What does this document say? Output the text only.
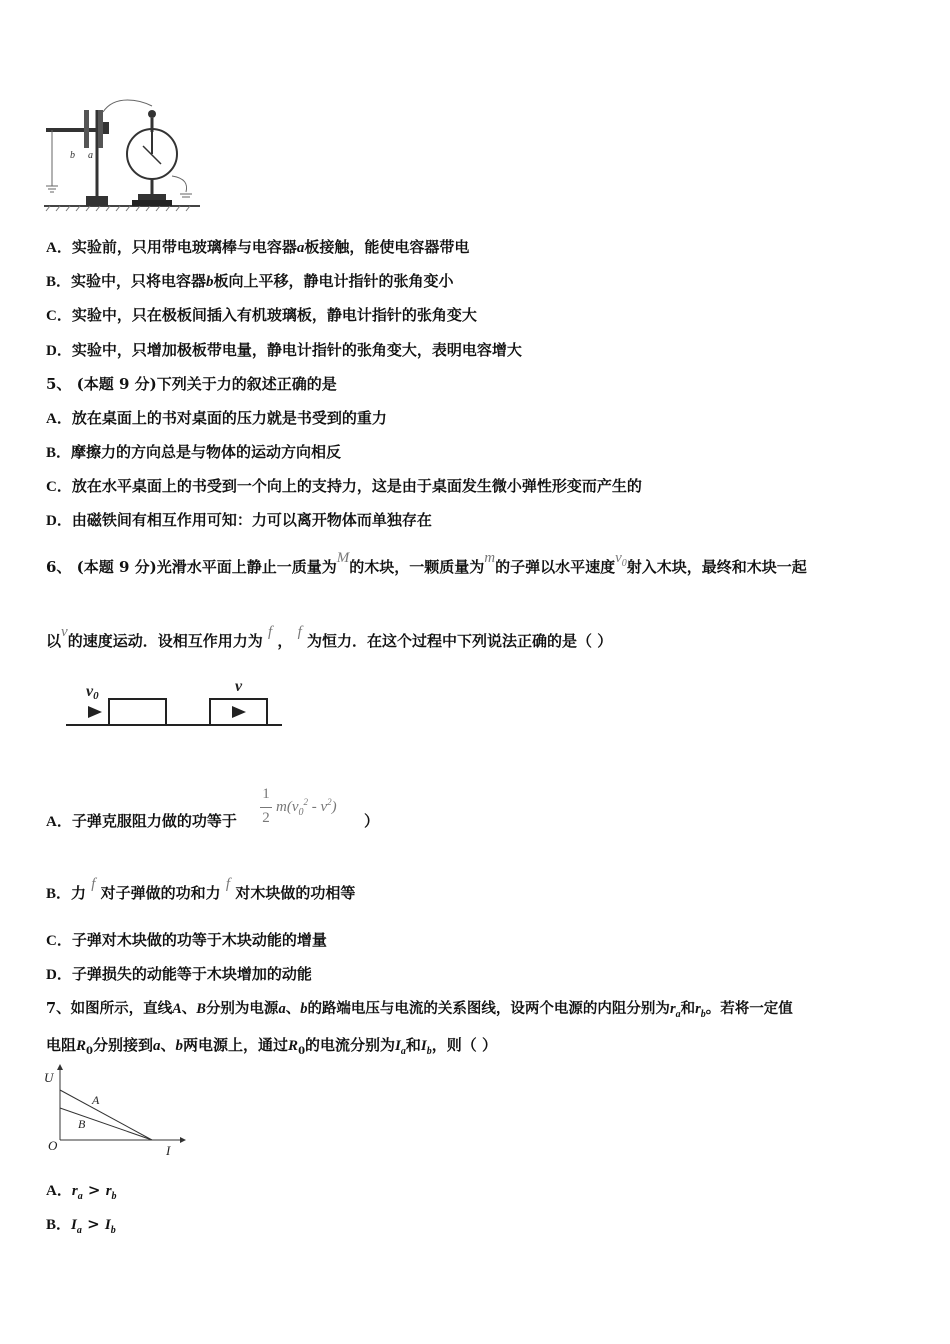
b a
A．实验前，只用带电玻璃棒与电容器a板接触，能使电容器带电
B．实验中，只将电容器b板向上平移，静电计指针的张角变小
C．实验中，只在极板间插入有机玻璃板，静电计指针的张角变大
D．实验中，只增加极板带电量，静电计指针的张角变大，表明电容增大
5、 (本题 9 分)下列关于力的叙述正确的是
A．放在桌面上的书对桌面的压力就是书受到的重力
B．摩擦力的方向总是与物体的运动方向相反
C．放在水平桌面上的书受到一个向上的支持力，这是由于桌面发生微小弹性形变而产生的
D．由磁铁间有相互作用可知：力可以离开物体而单独存在
6、 (本题 9 分)光滑水平面上静止一质量为M的木块，一颗质量为m的子弹以水平速度$v_0$射入木块，最终和木块一起
以v的速度运动．设相互作用力为 f ， f 为恒力．在这个过程中下列说法正确的是（ ）
v0
v
A．子弹克服阻力做的功等于
1
2
$m(v_0^2 - v^2)$
）
B．力 f 对子弹做的功和力 f 对木块做的功相等
C．子弹对木块做的功等于木块动能的增量
D．子弹损失的动能等于木块增加的动能
7、如图所示，直线A、B分别为电源a、b的路端电压与电流的关系图线，设两个电源的内阻分别为$r_a$和$r_b$。若将一定值
电阻$R_0$分别接到a、b两电源上，通过$R_0$的电流分别为$I_a$和$I_b$，则（ ）
U
O	I
A
B
A．$r_a > r_b$
B．$I_a > I_b$
